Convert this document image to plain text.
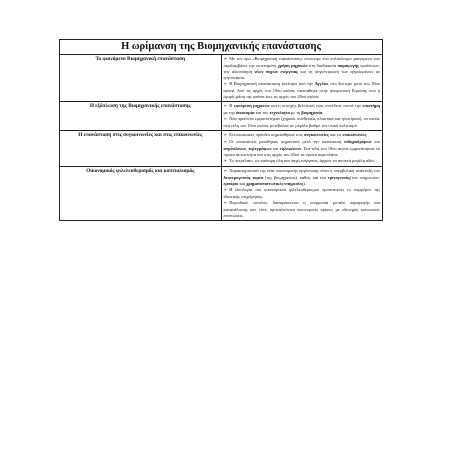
Η ωρίμανση της Βιομηχανικής επανάστασης	
Το φαινόμενο Βιομηχανική επανάσταση	➢ Με τον όρο «Βιομηχανική επανάσταση» εννοούμε ένα πολύπλευρο φαινόμενο που περιλαμβάνει την εκτεταμένη χρήση μηχανών στη διαδικασία παραγωγής προϊόντων, την αξιοποίηση νέων πηγών ενέργειας και τη συγκέντρωση των εργαζομένων σε εργοστάσια.
➢ Η Βιομηχανική επανάσταση ξεκίνησε από την Αγγλία, στο δεύτερο μισό του 18ου αιώνα. Από τις αρχές του 19ου αιώνα, επεκτάθηκε στην ηπειρωτική Ευρώπη, ενώ η ώριμη φάση της φτάνει έως τις αρχές του 20ού αιώνα.

Η εξάπλωση της Βιομηχανικής επανάστασης	➢ Η εφεύρεση μηχανών και η συνεχής βελτίωσή τους συνέδεσε στενά την επιστήμη με την οικονομία και την τεχνολογία με τη βιομηχανία.
➢ Νέα προϊόντα εμφανίστηκαν (χημικά, συνθετικά, πλαστικά και ηλεκτρικά), τα οποία, στα τέλη του 19ου αιώνα, μετέβαλαν σε μεγάλο βαθμό τον υλικό πολιτισμό.

Η επανάσταση στις συγκοινωνίες και στις επικοινωνίες	➢ Εντυπωσιακές πρόοδοι σημειώθηκαν στις συγκοινωνίες και τις επικοινωνίες.
➢ Οι αποστάσεις μειώθηκαν σημαντικά μετά την κατασκευή σιδηροδρόμων και ατμόπλοιων, τηλεγράφων και τηλεφώνων. Στα τέλη του 19ου αιώνα εμφανίστηκαν τα πρώτα αυτοκίνητα και στις αρχές του 20ού τα πρώτα αεροπλάνα.
➢ Το πετρέλαιο, ως καύσιμη ύλη και πηγή ενέργειας, άρχισε να αποκτά μεγάλη αξία.

Οικονομικός φιλελευθερισμός και καπιταλισμός	➢ Χαρακτηριστικά της νέας οικονομικής οργάνωσης είναι η υπερβολική ανάπτυξη του δευτερογενούς τομέα (της βιομηχανίας), καθώς και του τριτογενούς(των υπηρεσιών: εμπόριο και χρηματοπιστωτικές υπηρεσίες).
➢ Η ιδεολογία του οικονομικού φιλελευθερισμού προστατεύει το συμφέρον της ιδιωτικής επιχείρησης.
➢ Περιοδικά, ωστόσο, διαταράσσεται η ισορροπία μεταξύ παραγωγής και κατανάλωσης και, τότε, προκαλούνται οικονομικές κρίσεις με οδυνηρές κοινωνικές επιπτώσεις.
